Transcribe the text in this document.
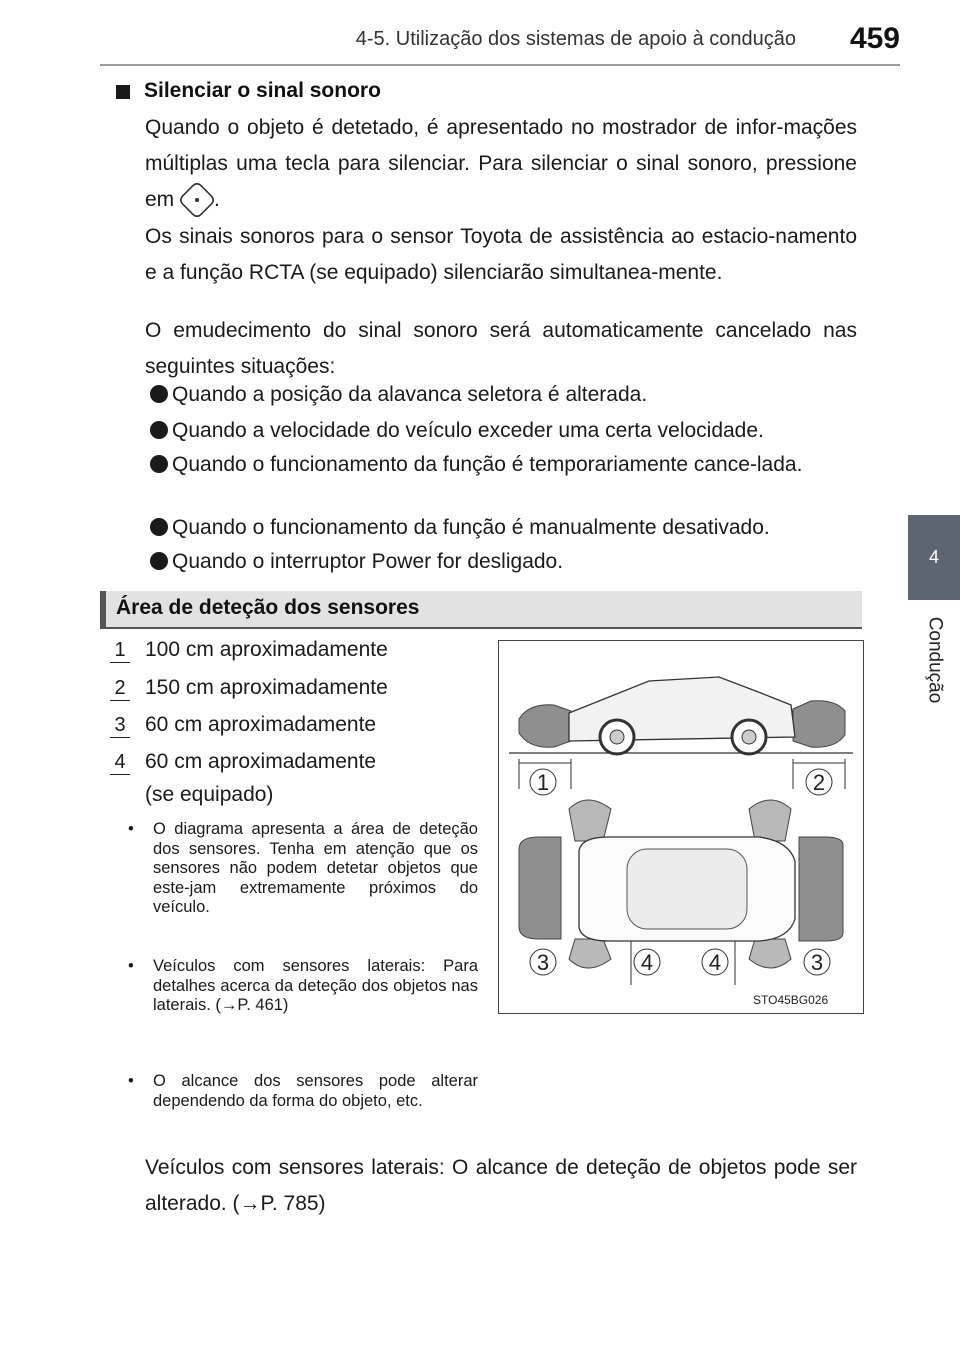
4-5. Utilização dos sistemas de apoio à condução	459
4
Condução
Silenciar o sinal sonoro
Quando o objeto é detetado, é apresentado no mostrador de infor-mações múltiplas uma tecla para silenciar. Para silenciar o sinal sonoro, pressione em .
Os sinais sonoros para o sensor Toyota de assistência ao estacio-namento e a função RCTA (se equipado) silenciarão simultanea-mente.
O emudecimento do sinal sonoro será automaticamente cancelado nas seguintes situações:
Quando a posição da alavanca seletora é alterada.
Quando a velocidade do veículo exceder uma certa velocidade.
Quando o funcionamento da função é temporariamente cance-lada.
Quando o funcionamento da função é manualmente desativado.
Quando o interruptor Power for desligado.
Área de deteção dos sensores
1 100 cm aproximadamente
2 150 cm aproximadamente
3 60 cm aproximadamente
4 60 cm aproximadamente
(se equipado)
• O diagrama apresenta a área de deteção dos sensores. Tenha em atenção que os sensores não podem detetar objetos que este-jam extremamente próximos do veículo.
• Veículos com sensores laterais: Para detalhes acerca da deteção dos objetos nas laterais. (→P. 461)
• O alcance dos sensores pode alterar dependendo da forma do objeto, etc.
Veículos com sensores laterais: O alcance de deteção de objetos pode ser alterado. (→P. 785)
1	2
3	4	4	3
STO45BG026
